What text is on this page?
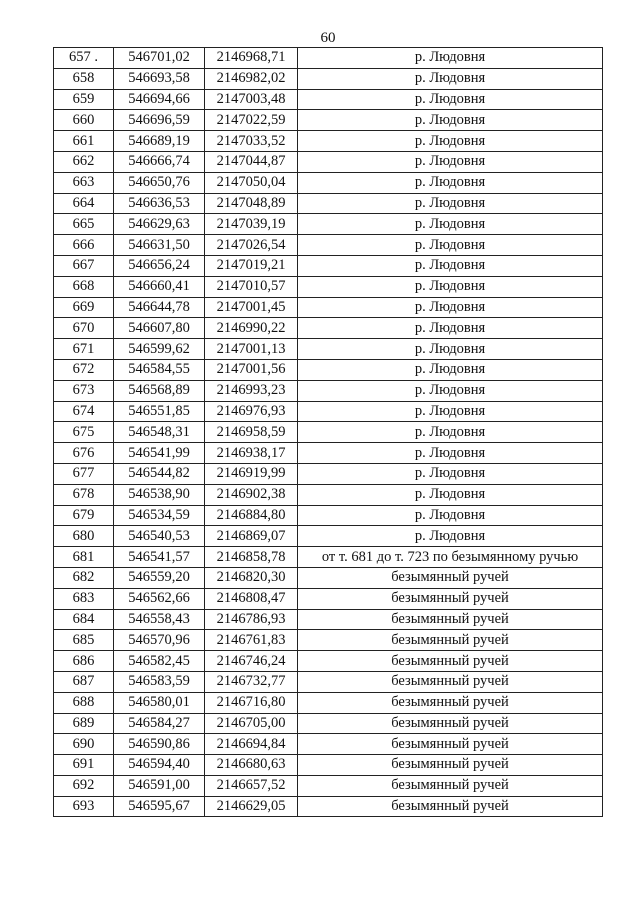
60
657 .	546701,02	2146968,71	р. Людовня
658	546693,58	2146982,02	р. Людовня
659	546694,66	2147003,48	р. Людовня
660	546696,59	2147022,59	р. Людовня
661	546689,19	2147033,52	р. Людовня
662	546666,74	2147044,87	р. Людовня
663	546650,76	2147050,04	р. Людовня
664	546636,53	2147048,89	р. Людовня
665	546629,63	2147039,19	р. Людовня
666	546631,50	2147026,54	р. Людовня
667	546656,24	2147019,21	р. Людовня
668	546660,41	2147010,57	р. Людовня
669	546644,78	2147001,45	р. Людовня
670	546607,80	2146990,22	р. Людовня
671	546599,62	2147001,13	р. Людовня
672	546584,55	2147001,56	р. Людовня
673	546568,89	2146993,23	р. Людовня
674	546551,85	2146976,93	р. Людовня
675	546548,31	2146958,59	р. Людовня
676	546541,99	2146938,17	р. Людовня
677	546544,82	2146919,99	р. Людовня
678	546538,90	2146902,38	р. Людовня
679	546534,59	2146884,80	р. Людовня
680	546540,53	2146869,07	р. Людовня
681	546541,57	2146858,78	от т. 681 до т. 723 по безымянному ручью
682	546559,20	2146820,30	безымянный ручей
683	546562,66	2146808,47	безымянный ручей
684	546558,43	2146786,93	безымянный ручей
685	546570,96	2146761,83	безымянный ручей
686	546582,45	2146746,24	безымянный ручей
687	546583,59	2146732,77	безымянный ручей
688	546580,01	2146716,80	безымянный ручей
689	546584,27	2146705,00	безымянный ручей
690	546590,86	2146694,84	безымянный ручей
691	546594,40	2146680,63	безымянный ручей
692	546591,00	2146657,52	безымянный ручей
693	546595,67	2146629,05	безымянный ручей
